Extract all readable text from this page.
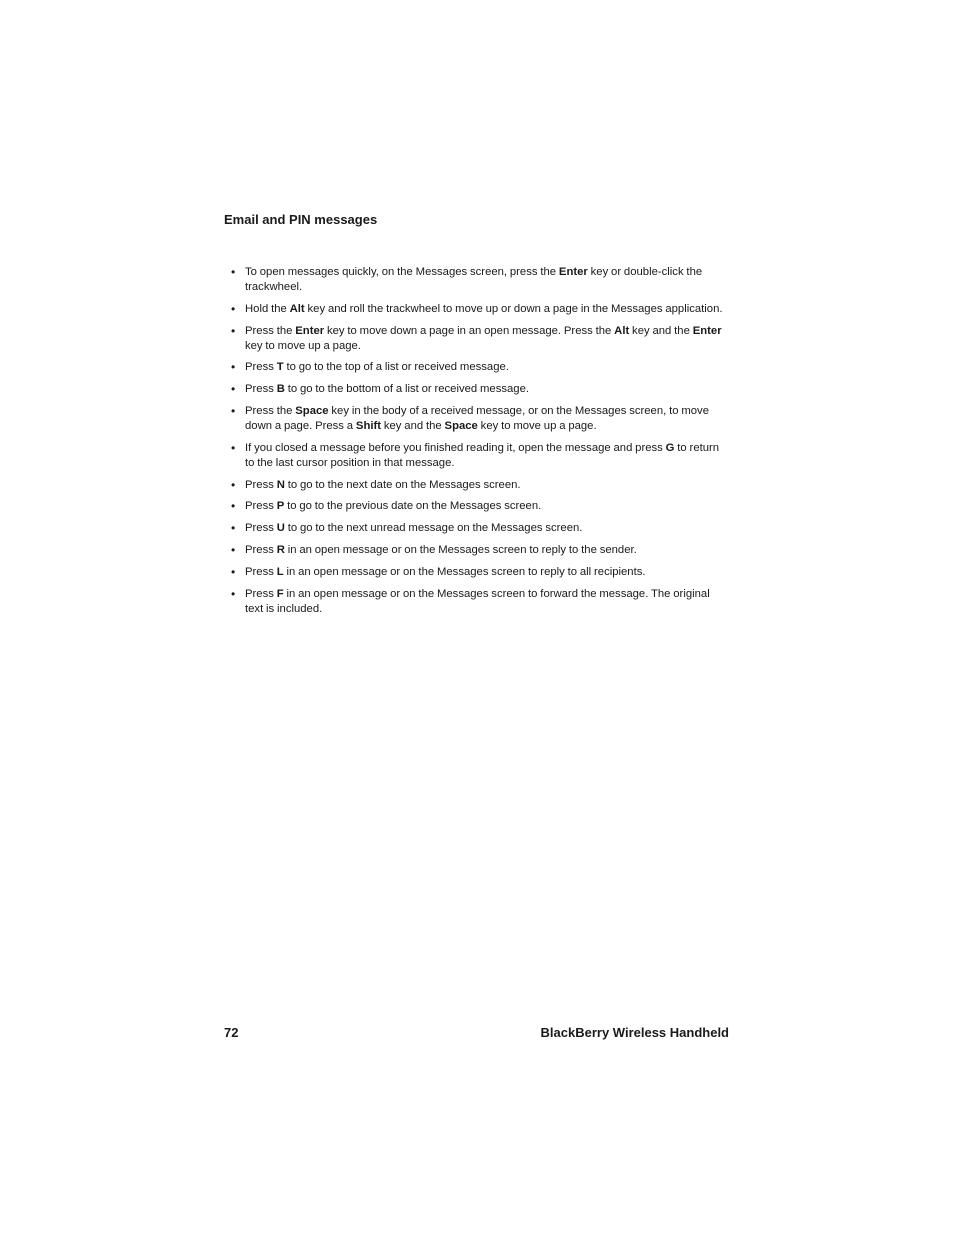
Email and PIN messages
• To open messages quickly, on the Messages screen, press the Enter key or double-click the trackwheel.
• Hold the Alt key and roll the trackwheel to move up or down a page in the Messages application.
• Press the Enter key to move down a page in an open message. Press the Alt key and the Enter key to move up a page.
• Press T to go to the top of a list or received message.
• Press B to go to the bottom of a list or received message.
• Press the Space key in the body of a received message, or on the Messages screen, to move down a page. Press a Shift key and the Space key to move up a page.
• If you closed a message before you finished reading it, open the message and press G to return to the last cursor position in that message.
• Press N to go to the next date on the Messages screen.
• Press P to go to the previous date on the Messages screen.
• Press U to go to the next unread message on the Messages screen.
• Press R in an open message or on the Messages screen to reply to the sender.
• Press L in an open message or on the Messages screen to reply to all recipients.
• Press F in an open message or on the Messages screen to forward the message. The original text is included.
72	BlackBerry Wireless Handheld
